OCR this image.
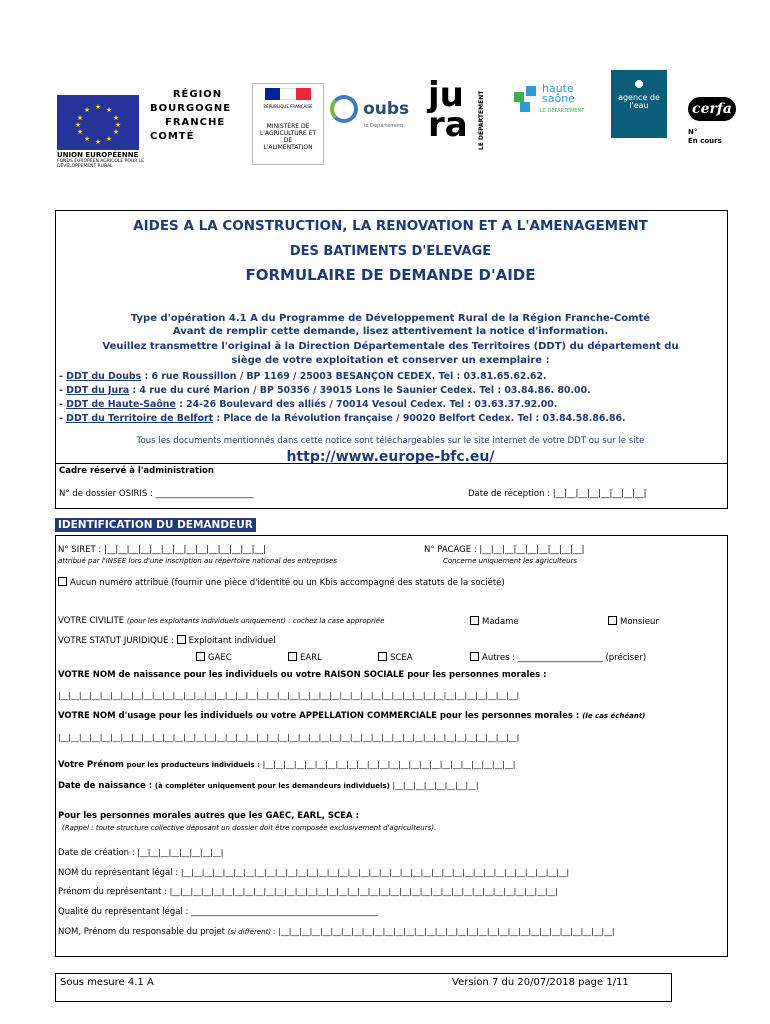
★ ★
★
★
★
★
★
★
★
★
★
★
UNION EUROPÉENNE
FONDS EUROPÉEN AGRICOLE POUR LE DÉVELOPPEMENT RURAL
RÉGION
BOURGOGNE
FRANCHE
COMTÉ
RÉPUBLIQUE FRANÇAISE
MINISTÈRE DE L'AGRICULTURE ET DE L'ALIMENTATION
oubs
le Département
jura	LE DÉPARTEMENT
haute saône
LE DÉPARTEMENT
agence de l'eau	cerfa
N°
En cours
AIDES A LA CONSTRUCTION, LA RENOVATION ET A L'AMENAGEMENT
DES BATIMENTS D'ELEVAGE
FORMULAIRE DE DEMANDE D'AIDE
Type d'opération 4.1 A du Programme de Développement Rural de la Région Franche-Comté
Avant de remplir cette demande, lisez attentivement la notice d'information.
Veuillez transmettre l'original à la Direction Départementale des Territoires (DDT) du département du
siège de votre exploitation et conserver un exemplaire :
- DDT du Doubs : 6 rue Roussillon / BP 1169 / 25003 BESANÇON CEDEX. Tel : 03.81.65.62.62.
- DDT du Jura : 4 rue du curé Marion / BP 50356 / 39015 Lons le Saunier Cedex. Tel : 03.84.86. 80.00.
- DDT de Haute-Saône : 24-26 Boulevard des alliés / 70014 Vesoul Cedex. Tel : 03.63.37.92.00.
- DDT du Territoire de Belfort : Place de la Révolution française / 90020 Belfort Cedex. Tel : 03.84.58.86.86.
Tous les documents mentionnés dans cette notice sont téléchargeables sur le site internet de votre DDT ou sur le site
http://www.europe-bfc.eu/
Cadre réservé à l'administration
N° de dossier OSIRIS : _______________________	Date de réception : |__|__|__|__|__|__|__|__|
IDENTIFICATION DU DEMANDEUR
N° SIRET : |__|__|__|__|__|__|__|__|__|__|__|__|__|__|
attribué par l'INSEE lors d'une inscription au répertoire national des entreprises
N° PACAGE : |__|__|__|__|__|__|__|__|__|
Concerne uniquement les agriculteurs
Aucun numéro attribué (fournir une pièce d'identité ou un Kbis accompagné des statuts de la société)
VOTRE CIVILITE (pour les exploitants individuels uniquement) : cochez la case appropriée	Madame	Monsieur
VOTRE STATUT JURIDIQUE : Exploitant individuel
GAEC	EARL	SCEA	Autres : ____________________ (préciser)
VOTRE NOM de naissance pour les individuels ou votre RAISON SOCIALE pour les personnes morales :
|__|__|__|__|__|__|__|__|__|__|__|__|__|__|__|__|__|__|__|__|__|__|__|__|__|__|__|__|__|__|__|__|__|__|__|__|__|__|__|__|__|__|__|__|
VOTRE NOM d'usage pour les individuels ou votre APPELLATION COMMERCIALE pour les personnes morales : (le cas échéant)
|__|__|__|__|__|__|__|__|__|__|__|__|__|__|__|__|__|__|__|__|__|__|__|__|__|__|__|__|__|__|__|__|__|__|__|__|__|__|__|__|__|__|__|__|
Votre Prénom pour les producteurs individuels : |__|__|__|__|__|__|__|__|__|__|__|__|__|__|__|__|__|__|__|__|__|__|__|__|
Date de naissance : (à compléter uniquement pour les demandeurs individuels) |__|__|__|__|__|__|__|__|
Pour les personnes morales autres que les GAEC, EARL, SCEA :
(Rappel : toute structure collective déposant un dossier doit être composée exclusivement d'agriculteurs).
Date de création : |__|__|__|__|__|__|__|__|
NOM du représentant légal : |__|__|__|__|__|__|__|__|__|__|__|__|__|__|__|__|__|__|__|__|__|__|__|__|__|__|__|__|__|__|__|__|__|__|__|__|__|
Prénom du représentant : |__|__|__|__|__|__|__|__|__|__|__|__|__|__|__|__|__|__|__|__|__|__|__|__|__|__|__|__|__|__|__|__|__|__|__|__|__|
Qualité du représentant légal : ____________________________________________
NOM, Prénom du responsable du projet (si différent) : |__|__|__|__|__|__|__|__|__|__|__|__|__|__|__|__|__|__|__|__|__|__|__|__|__|__|__|__|__|__|__|__|
Sous mesure 4.1 A	Version 7 du 20/07/2018 page 1/11
